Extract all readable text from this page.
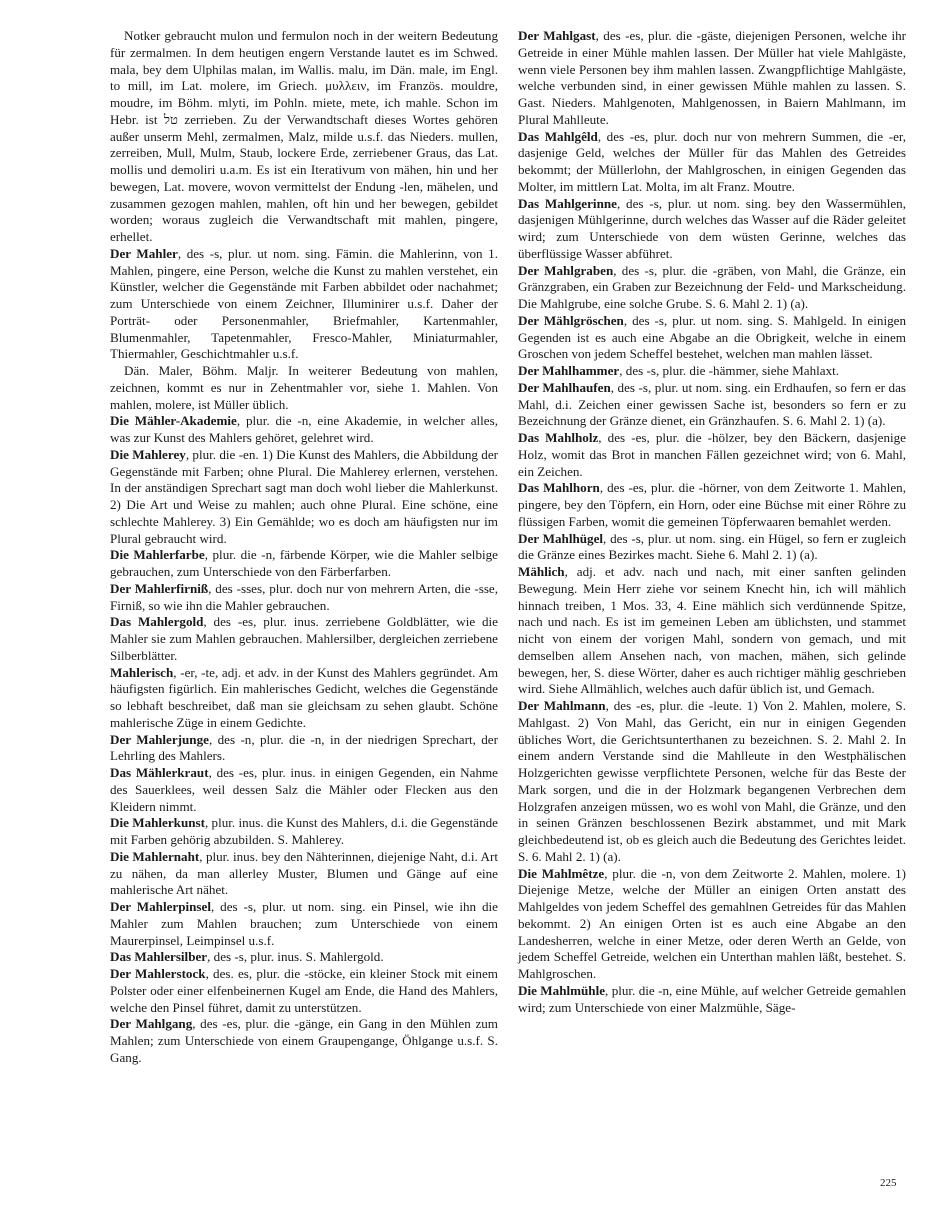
Notker gebraucht mulon und fermulon noch in der weitern Bedeutung für zermalmen. In dem heutigen engern Verstande lautet es im Schwed. mala, bey dem Ulphilas malan, im Wallis. malu, im Dän. male, im Engl. to mill, im Lat. molere, im Griech. μυλλειν, im Französ. mouldre, moudre, im Böhm. mlyti, im Pohln. miete, mete, ich mahle. Schon im Hebr. ist טל zerrieben. Zu der Verwandtschaft dieses Wortes gehören außer unserm Mehl, zermalmen, Malz, milde u.s.f. das Nieders. mullen, zerreiben, Mull, Mulm, Staub, lockere Erde, zerriebener Graus, das Lat. mollis und demoliri u.a.m. Es ist ein Iterativum von mähen, hin und her bewegen, Lat. movere, wovon vermittelst der Endung -len, mähelen, und zusammen gezogen mahlen, mahlen, oft hin und her bewegen, gebildet worden; woraus zugleich die Verwandtschaft mit mahlen, pingere, erhellet.

Der Mahler, des -s, plur. ut nom. sing. Fämin. die Mahlerinn, von 1. Mahlen, pingere, eine Person, welche die Kunst zu mahlen verstehet, ein Künstler, welcher die Gegenstände mit Farben abbildet oder nachahmet; zum Unterschiede von einem Zeichner, Illuminirer u.s.f. Daher der Porträt- oder Personenmahler, Briefmahler, Kartenmahler, Blumenmahler, Tapetenmahler, Fresco-Mahler, Miniaturmahler, Thiermahler, Geschichtmahler u.s.f.

Dän. Maler, Böhm. Maljr. In weiterer Bedeutung von mahlen, zeichnen, kommt es nur in Zehentmahler vor, siehe 1. Mahlen. Von mahlen, molere, ist Müller üblich.

Die Mähler-Akademie, plur. die -n, eine Akademie, in welcher alles, was zur Kunst des Mahlers gehöret, gelehret wird.

Die Mahlerey, plur. die -en. 1) Die Kunst des Mahlers, die Abbildung der Gegenstände mit Farben; ohne Plural. Die Mahlerey erlernen, verstehen. In der anständigen Sprechart sagt man doch wohl lieber die Mahlerkunst. 2) Die Art und Weise zu mahlen; auch ohne Plural. Eine schöne, eine schlechte Mahlerey. 3) Ein Gemählde; wo es doch am häufigsten nur im Plural gebraucht wird.

Die Mahlerfarbe, plur. die -n, färbende Körper, wie die Mahler selbige gebrauchen, zum Unterschiede von den Färberfarben.

Der Mahlerfirniß, des -sses, plur. doch nur von mehrern Arten, die -sse, Firniß, so wie ihn die Mahler gebrauchen.

Das Mahlergold, des -es, plur. inus. zerriebene Goldblätter, wie die Mahler sie zum Mahlen gebrauchen. Mahlersilber, dergleichen zerriebene Silberblätter.

Mahlerisch, -er, -te, adj. et adv. in der Kunst des Mahlers gegründet. Am häufigsten figürlich. Ein mahlerisches Gedicht, welches die Gegenstände so lebhaft beschreibet, daß man sie gleichsam zu sehen glaubt. Schöne mahlerische Züge in einem Gedichte.

Der Mahlerjunge, des -n, plur. die -n, in der niedrigen Sprechart, der Lehrling des Mahlers.

Das Mählerkraut, des -es, plur. inus. in einigen Gegenden, ein Nahme des Sauerklees, weil dessen Salz die Mähler oder Flecken aus den Kleidern nimmt.

Die Mahlerkunst, plur. inus. die Kunst des Mahlers, d.i. die Gegenstände mit Farben gehörig abzubilden. S. Mahlerey.

Die Mahlernaht, plur. inus. bey den Nähterinnen, diejenige Naht, d.i. Art zu nähen, da man allerley Muster, Blumen und Gänge auf eine mahlerische Art nähet.

Der Mahlerpinsel, des -s, plur. ut nom. sing. ein Pinsel, wie ihn die Mahler zum Mahlen brauchen; zum Unterschiede von einem Maurerpinsel, Leimpinsel u.s.f.

Das Mahlersilber, des -s, plur. inus. S. Mahlergold.

Der Mahlerstock, des. es, plur. die -stöcke, ein kleiner Stock mit einem Polster oder einer elfenbeinernen Kugel am Ende, die Hand des Mahlers, welche den Pinsel führet, damit zu unterstützen.

Der Mahlgang, des -es, plur. die -gänge, ein Gang in den Mühlen zum Mahlen; zum Unterschiede von einem Graupengange, Öhlgange u.s.f. S. Gang.

Der Mahlgast, des -es, plur. die -gäste, diejenigen Personen, welche ihr Getreide in einer Mühle mahlen lassen. Der Müller hat viele Mahlgäste, wenn viele Personen bey ihm mahlen lassen. Zwangpflichtige Mahlgäste, welche verbunden sind, in einer gewissen Mühle mahlen zu lassen. S. Gast. Nieders. Mahlgenoten, Mahlgenossen, in Baiern Mahlmann, im Plural Mahlleute.

Das Mahlgêld, des -es, plur. doch nur von mehrern Summen, die -er, dasjenige Geld, welches der Müller für das Mahlen des Getreides bekommt; der Müllerlohn, der Mahlgroschen, in einigen Gegenden das Molter, im mittlern Lat. Molta, im alt Franz. Moutre.

Das Mahlgerinne, des -s, plur. ut nom. sing. bey den Wassermühlen, dasjenigen Mühlgerinne, durch welches das Wasser auf die Räder geleitet wird; zum Unterschiede von dem wüsten Gerinne, welches das überflüssige Wasser abführet.

Der Mahlgraben, des -s, plur. die -gräben, von Mahl, die Gränze, ein Gränzgraben, ein Graben zur Bezeichnung der Feld- und Markscheidung. Die Mahlgrube, eine solche Grube. S. 6. Mahl 2. 1) (a).

Der Mählgröschen, des -s, plur. ut nom. sing. S. Mahlgeld. In einigen Gegenden ist es auch eine Abgabe an die Obrigkeit, welche in einem Groschen von jedem Scheffel bestehet, welchen man mahlen lässet.

Der Mahlhammer, des -s, plur. die -hämmer, siehe Mahlaxt.

Der Mahlhaufen, des -s, plur. ut nom. sing. ein Erdhaufen, so fern er das Mahl, d.i. Zeichen einer gewissen Sache ist, besonders so fern er zu Bezeichnung der Gränze dienet, ein Gränzhaufen. S. 6. Mahl 2. 1) (a).

Das Mahlholz, des -es, plur. die -hölzer, bey den Bäckern, dasjenige Holz, womit das Brot in manchen Fällen gezeichnet wird; von 6. Mahl, ein Zeichen.

Das Mahlhorn, des -es, plur. die -hörner, von dem Zeitworte 1. Mahlen, pingere, bey den Töpfern, ein Horn, oder eine Büchse mit einer Röhre zu flüssigen Farben, womit die gemeinen Töpferwaaren bemahlet werden.

Der Mahlhügel, des -s, plur. ut nom. sing. ein Hügel, so fern er zugleich die Gränze eines Bezirkes macht. Siehe 6. Mahl 2. 1) (a).

Mählich, adj. et adv. nach und nach, mit einer sanften gelinden Bewegung. Mein Herr ziehe vor seinem Knecht hin, ich will mählich hinnach treiben, 1 Mos. 33, 4. Eine mählich sich verdünnende Spitze, nach und nach. Es ist im gemeinen Leben am üblichsten, und stammet nicht von einem der vorigen Mahl, sondern von gemach, und mit demselben allem Ansehen nach, von machen, mähen, sich gelinde bewegen, her, S. diese Wörter, daher es auch richtiger mählig geschrieben wird. Siehe Allmählich, welches auch dafür üblich ist, und Gemach.

Der Mahlmann, des -es, plur. die -leute. 1) Von 2. Mahlen, molere, S. Mahlgast. 2) Von Mahl, das Gericht, ein nur in einigen Gegenden übliches Wort, die Gerichtsunterthanen zu bezeichnen. S. 2. Mahl 2. In einem andern Verstande sind die Mahlleute in den Westphälischen Holzgerichten gewisse verpflichtete Personen, welche für das Beste der Mark sorgen, und die in der Holzmark begangenen Verbrechen dem Holzgrafen anzeigen müssen, wo es wohl von Mahl, die Gränze, und den in seinen Gränzen beschlossenen Bezirk abstammet, und mit Mark gleichbedeutend ist, ob es gleich auch die Bedeutung des Gerichtes leidet. S. 6. Mahl 2. 1) (a).

Die Mahlmêtze, plur. die -n, von dem Zeitworte 2. Mahlen, molere. 1) Diejenige Metze, welche der Müller an einigen Orten anstatt des Mahlgeldes von jedem Scheffel des gemahlnen Getreides für das Mahlen bekommt. 2) An einigen Orten ist es auch eine Abgabe an den Landesherren, welche in einer Metze, oder deren Werth an Gelde, von jedem Scheffel Getreide, welchen ein Unterthan mahlen läßt, bestehet. S. Mahlgroschen.

Die Mahlmühle, plur. die -n, eine Mühle, auf welcher Getreide gemahlen wird; zum Unterschiede von einer Malzmühle, Säge-

225
